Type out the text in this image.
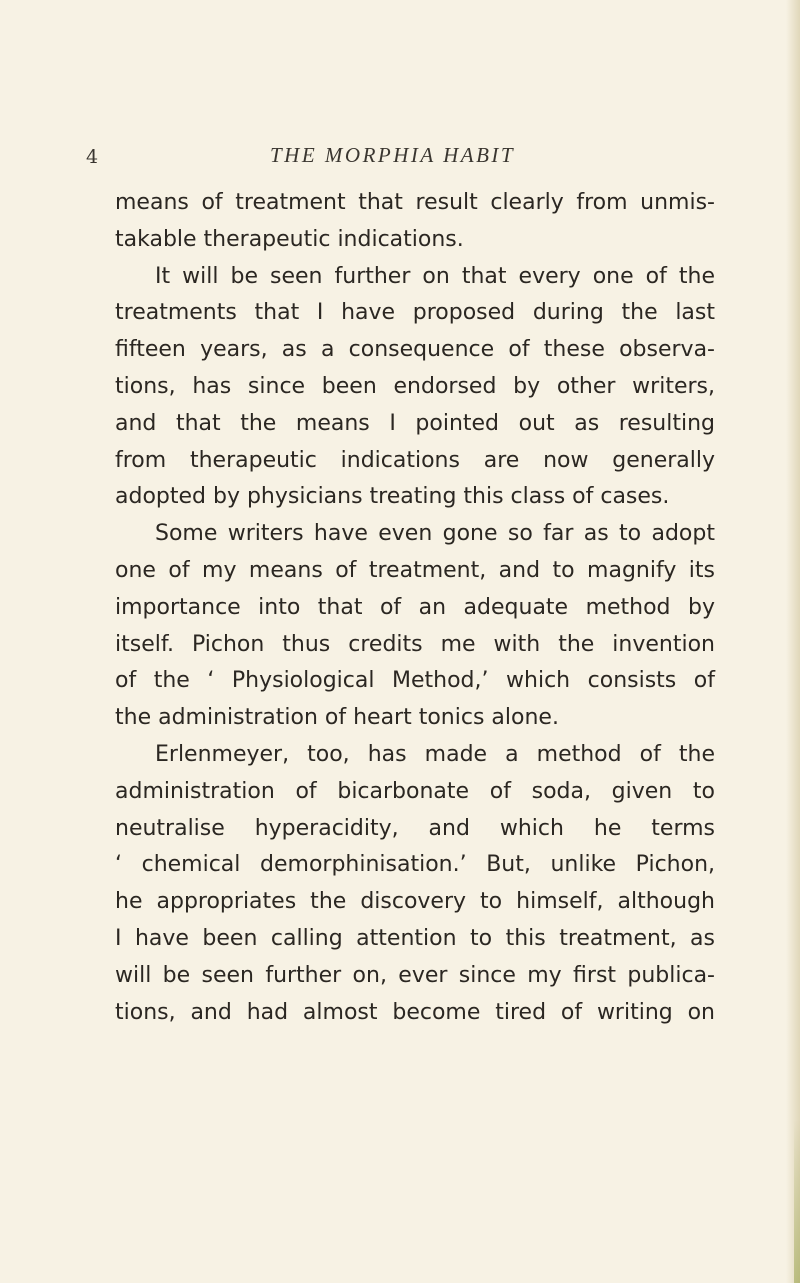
4	THE MORPHIA HABIT
means of treatment that result clearly from unmis-
takable therapeutic indications.
It will be seen further on that every one of the
treatments that I have proposed during the last
fifteen years, as a consequence of these observa-
tions, has since been endorsed by other writers,
and that the means I pointed out as resulting
from therapeutic indications are now generally
adopted by physicians treating this class of cases.
Some writers have even gone so far as to adopt
one of my means of treatment, and to magnify its
importance into that of an adequate method by
itself. Pichon thus credits me with the invention
of the ‘ Physiological Method,’ which consists of
the administration of heart tonics alone.
Erlenmeyer, too, has made a method of the
administration of bicarbonate of soda, given to
neutralise hyperacidity, and which he terms
‘ chemical demorphinisation.’ But, unlike Pichon,
he appropriates the discovery to himself, although
I have been calling attention to this treatment, as
will be seen further on, ever since my first publica-
tions, and had almost become tired of writing on
